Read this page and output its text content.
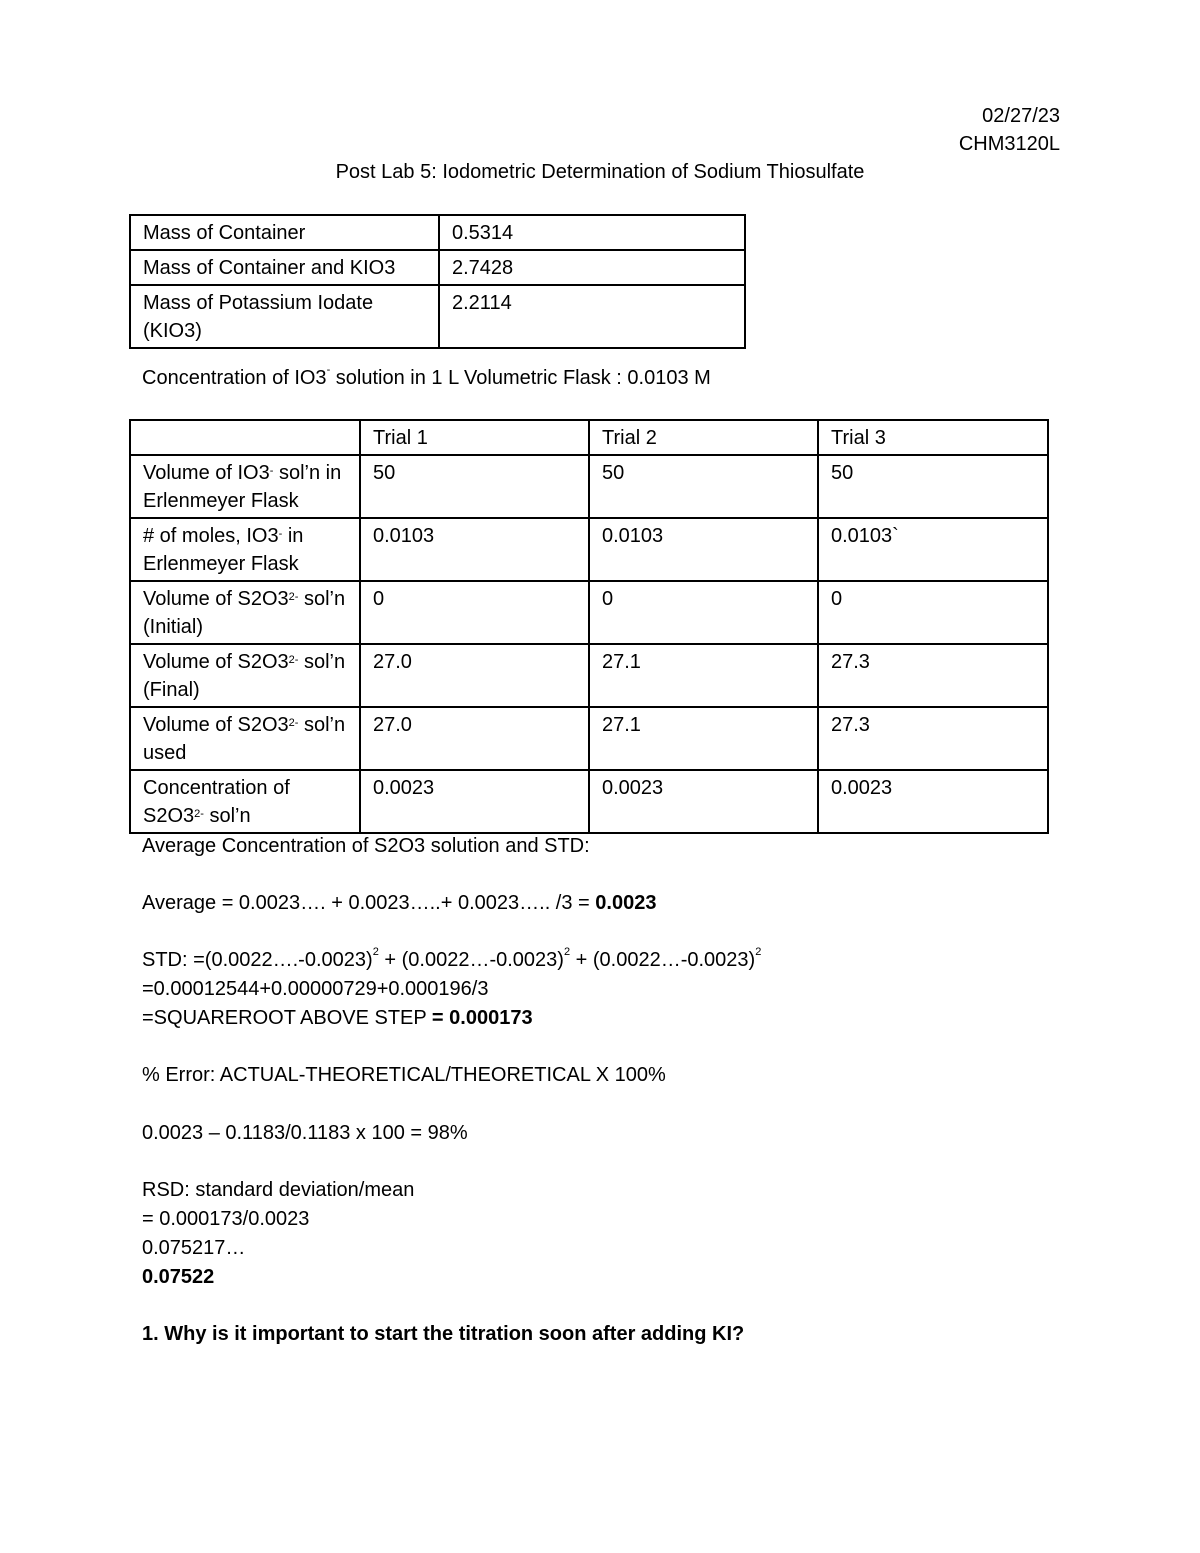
02/27/23
CHM3120L
Post Lab 5: Iodometric Determination of Sodium Thiosulfate
Mass of Container	0.5314
Mass of Container and KIO3	2.7428
Mass of Potassium Iodate (KIO3)	2.2114
Concentration of IO3- solution in 1 L Volumetric Flask : 0.0103 M
	Trial 1	Trial 2	Trial 3
Volume of IO3- sol’n in Erlenmeyer Flask	50	50	50
# of moles, IO3- in Erlenmeyer Flask	0.0103	0.0103	0.0103`
Volume of $S2O3^{2-}$ sol’n (Initial)	0	0	0
Volume of $S2O3^{2-}$ sol’n (Final)	27.0	27.1	27.3
Volume of $S2O3^{2-}$ sol’n used	27.0	27.1	27.3
Concentration of $S2O3^{2-}$ sol’n	0.0023	0.0023	0.0023
Average Concentration of S2O3 solution and STD:
Average = 0.0023…. + 0.0023…..+ 0.0023….. /3 = 0.0023
STD: =(0.0022….-0.0023)$^2$ + (0.0022…-0.0023)$^2$ + (0.0022…-0.0023)$^2$
=0.00012544+0.00000729+0.000196/3
=SQUAREROOT ABOVE STEP = 0.000173
% Error: ACTUAL-THEORETICAL/THEORETICAL X 100%
0.0023 – 0.1183/0.1183 x 100 = 98%
RSD: standard deviation/mean
= 0.000173/0.0023
0.075217…
0.07522
1. Why is it important to start the titration soon after adding KI?
